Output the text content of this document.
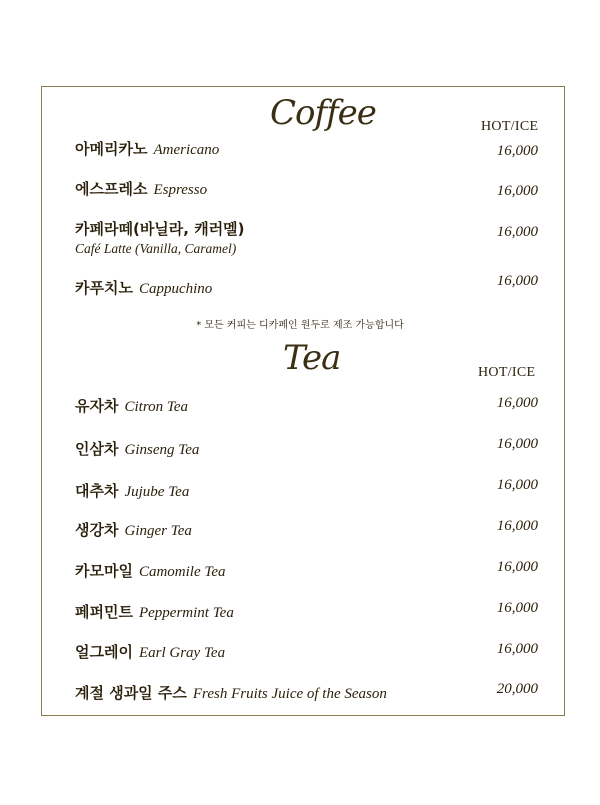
Coffee	HOT/ICE
아메리카노 Americano	16,000
에스프레소 Espresso	16,000
카페라떼(바닐라, 캐러멜)
Café Latte (Vanilla, Caramel)
16,000
카푸치노 Cappuchino	16,000
* 모든 커피는 디카페인 원두로 제조 가능합니다
Tea	HOT/ICE
유자차 Citron Tea	16,000
인삼차 Ginseng Tea	16,000
대추차 Jujube Tea	16,000
생강차 Ginger Tea	16,000
카모마일 Camomile Tea	16,000
페퍼민트 Peppermint Tea	16,000
얼그레이 Earl Gray Tea	16,000
계절 생과일 주스 Fresh Fruits Juice of the Season	20,000
